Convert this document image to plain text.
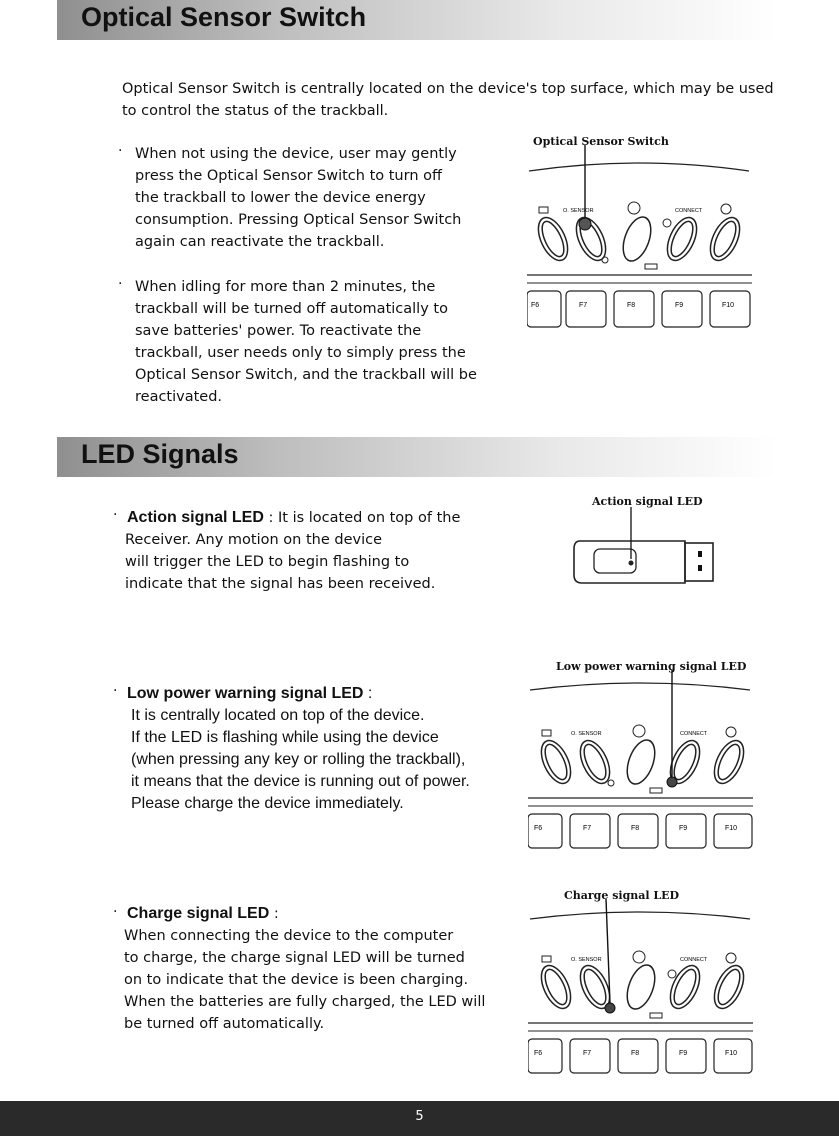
Optical Sensor Switch
Optical Sensor Switch is centrally located on the device's top surface, which may be used
to control the status of the trackball.
· When not using the device, user may gently
press the Optical Sensor Switch to turn off
the trackball to lower the device energy
consumption. Pressing Optical Sensor Switch
again can reactivate the trackball.
· When idling for more than 2 minutes, the
trackball will be turned off automatically to
save batteries' power. To reactivate the
trackball, user needs only to simply press the
Optical Sensor Switch, and the trackball will be
reactivated.
Optical Sensor Switch
O. SENSOR	CONNECT
F6	F7	F8	F9	F10
LED Signals
· Action signal LED : It is located on top of the
Receiver. Any motion on the device
will trigger the LED to begin flashing to
indicate that the signal has been received.
Action signal LED
· Low power warning signal LED :
It is centrally located on top of the device.
If the LED is flashing while using the device
(when pressing any key or rolling the trackball),
it means that the device is running out of power.
Please charge the device immediately.
Low power warning signal LED
O. SENSOR	CONNECT
F6	F7	F8	F9	F10
· Charge signal LED :
When connecting the device to the computer
to charge, the charge signal LED will be turned
on to indicate that the device is been charging.
When the batteries are fully charged, the LED will
be turned off automatically.
Charge signal LED
O. SENSOR	CONNECT
F6	F7	F8	F9	F10
5
